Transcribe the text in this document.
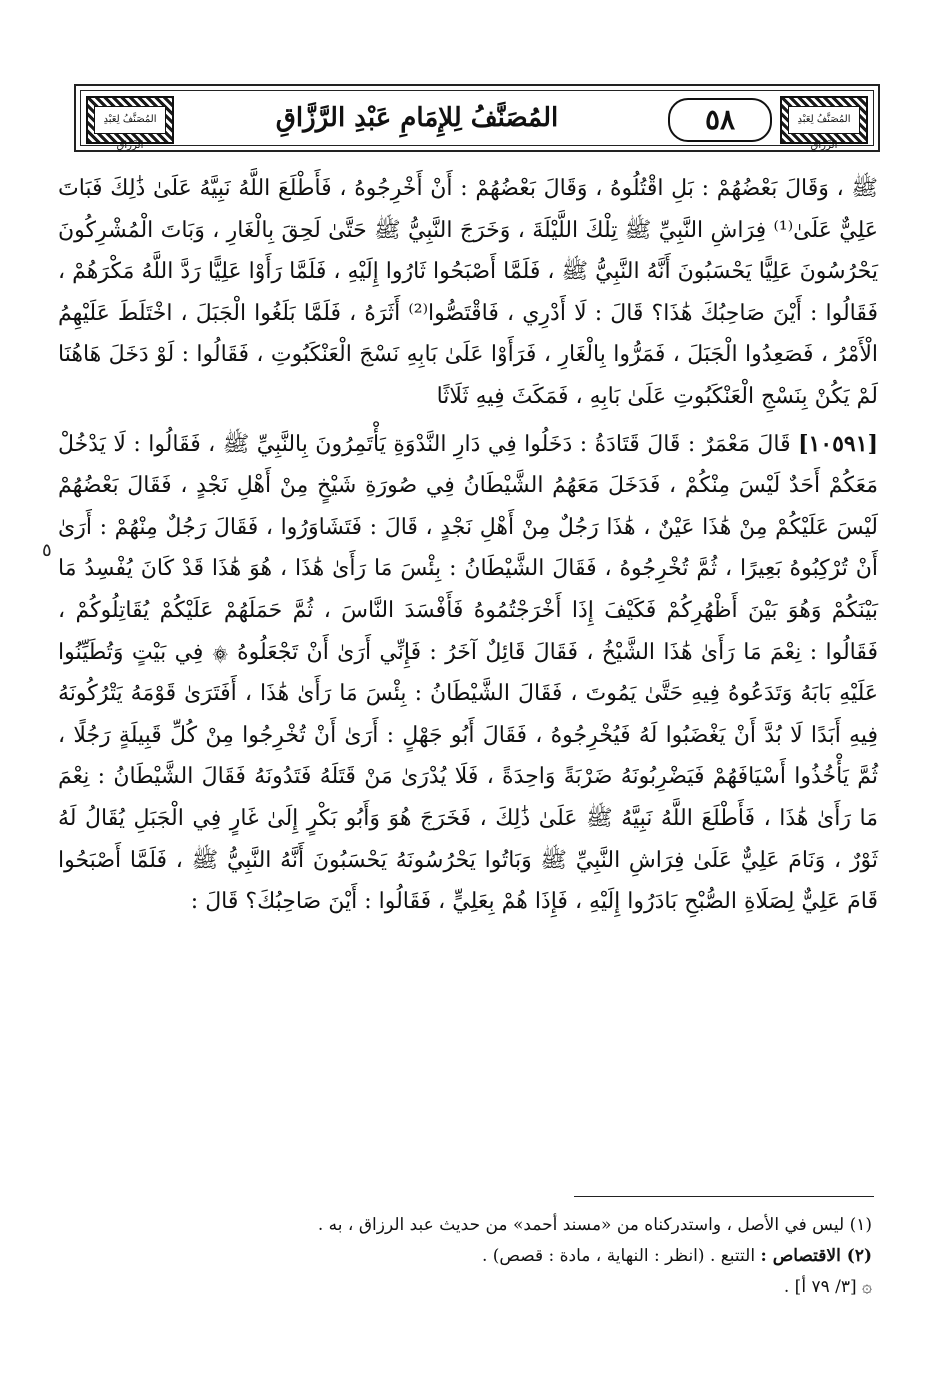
المُصَنَّفُ لِعَبْدِ الرَّزَّاقِ
المُصَنَّفُ لِلإِمَامِ عَبْدِ الرَّزَّاقِ	٥٨	المُصَنَّفُ لِعَبْدِ الرَّزَّاقِ
٥

ﷺ ، وَقَالَ بَعْضُهُمْ : بَلِ اقْتُلُوهُ ، وَقَالَ بَعْضُهُمْ : أَنْ أَخْرِجُوهُ ، فَأَطْلَعَ اللَّهُ نَبِيَّهُ عَلَىٰ ذَٰلِكَ فَبَاتَ عَلِيٌّ عَلَىٰ⁽¹⁾ فِرَاشِ النَّبِيِّ ﷺ تِلْكَ اللَّيْلَةَ ، وَخَرَجَ النَّبِيُّ ﷺ حَتَّىٰ لَحِقَ بِالْغَارِ ، وَبَاتَ الْمُشْرِكُونَ يَحْرُسُونَ عَلِيًّا يَحْسَبُونَ أَنَّهُ النَّبِيُّ ﷺ ، فَلَمَّا أَصْبَحُوا ثَارُوا إِلَيْهِ ، فَلَمَّا رَأَوْا عَلِيًّا رَدَّ اللَّهُ مَكْرَهُمْ ، فَقَالُوا : أَيْنَ صَاحِبُكَ هَٰذَا؟ قَالَ : لَا أَدْرِي ، فَاقْتَصُّوا⁽²⁾ أَثَرَهُ ، فَلَمَّا بَلَغُوا الْجَبَلَ ، اخْتَلَطَ عَلَيْهِمُ الْأَمْرُ ، فَصَعِدُوا الْجَبَلَ ، فَمَرُّوا بِالْغَارِ ، فَرَأَوْا عَلَىٰ بَابِهِ نَسْجَ الْعَنْكَبُوتِ ، فَقَالُوا : لَوْ دَخَلَ هَاهُنَا لَمْ يَكُنْ بِنَسْجِ الْعَنْكَبُوتِ عَلَىٰ بَابِهِ ، فَمَكَثَ فِيهِ ثَلَاثًا

[١٠٥٩١] قَالَ مَعْمَرٌ : قَالَ قَتَادَةُ : دَخَلُوا فِي دَارِ النَّدْوَةِ يَأْتَمِرُونَ بِالنَّبِيِّ ﷺ ، فَقَالُوا : لَا يَدْخُلْ مَعَكُمْ أَحَدٌ لَيْسَ مِنْكُمْ ، فَدَخَلَ مَعَهُمُ الشَّيْطَانُ فِي صُورَةِ شَيْخٍ مِنْ أَهْلِ نَجْدٍ ، فَقَالَ بَعْضُهُمْ لَيْسَ عَلَيْكُمْ مِنْ هَٰذَا عَيْنٌ ، هَٰذَا رَجُلٌ مِنْ أَهْلِ نَجْدٍ ، قَالَ : فَتَشَاوَرُوا ، فَقَالَ رَجُلٌ مِنْهُمْ : أَرَىٰ أَنْ تُرْكِبُوهُ بَعِيرًا ، ثُمَّ تُخْرِجُوهُ ، فَقَالَ الشَّيْطَانُ : بِئْسَ مَا رَأَىٰ هَٰذَا ، هُوَ هَٰذَا قَدْ كَانَ يُفْسِدُ مَا بَيْنَكُمْ وَهُوَ بَيْنَ أَظْهُرِكُمْ فَكَيْفَ إِذَا أَخْرَجْتُمُوهُ فَأَفْسَدَ النَّاسَ ، ثُمَّ حَمَلَهُمْ عَلَيْكُمْ يُقَاتِلُوكُمْ ، فَقَالُوا : نِعْمَ مَا رَأَىٰ هَٰذَا الشَّيْخُ ، فَقَالَ قَائِلٌ آخَرُ : فَإِنِّي أَرَىٰ أَنْ تَجْعَلُوهُ ۞ فِي بَيْتٍ وَتُطَيِّنُوا عَلَيْهِ بَابَهُ وَتَدَعُوهُ فِيهِ حَتَّىٰ يَمُوتَ ، فَقَالَ الشَّيْطَانُ : بِئْسَ مَا رَأَىٰ هَٰذَا ، أَفَتَرَىٰ قَوْمَهُ يَتْرُكُونَهُ فِيهِ أَبَدًا لَا بُدَّ أَنْ يَغْضَبُوا لَهُ فَيُخْرِجُوهُ ، فَقَالَ أَبُو جَهْلٍ : أَرَىٰ أَنْ تُخْرِجُوا مِنْ كُلِّ قَبِيلَةٍ رَجُلًا ، ثُمَّ يَأْخُذُوا أَسْيَافَهُمْ فَيَضْرِبُونَهُ ضَرْبَةً وَاحِدَةً ، فَلَا يُدْرَىٰ مَنْ قَتَلَهُ فَتَدُونَهُ فَقَالَ الشَّيْطَانُ : نِعْمَ مَا رَأَىٰ هَٰذَا ، فَأَطْلَعَ اللَّهُ نَبِيَّهُ ﷺ عَلَىٰ ذَٰلِكَ ، فَخَرَجَ هُوَ وَأَبُو بَكْرٍ إِلَىٰ غَارٍ فِي الْجَبَلِ يُقَالُ لَهُ ثَوْرٌ ، وَنَامَ عَلِيٌّ عَلَىٰ فِرَاشِ النَّبِيِّ ﷺ وَبَاتُوا يَحْرُسُونَهُ يَحْسَبُونَ أَنَّهُ النَّبِيُّ ﷺ ، فَلَمَّا أَصْبَحُوا قَامَ عَلِيٌّ لِصَلَاةِ الصُّبْحِ بَادَرُوا إِلَيْهِ ، فَإِذَا هُمْ بِعَلِيٍّ ، فَقَالُوا : أَيْنَ صَاحِبُكَ؟ قَالَ :

(١) ليس في الأصل ، واستدركناه من «مسند أحمد» من حديث عبد الرزاق ، به .

(٢) الاقتصاص : التتبع . (انظر : النهاية ، مادة : قصص) .

۞ [٣/ ٧٩ أ] .
